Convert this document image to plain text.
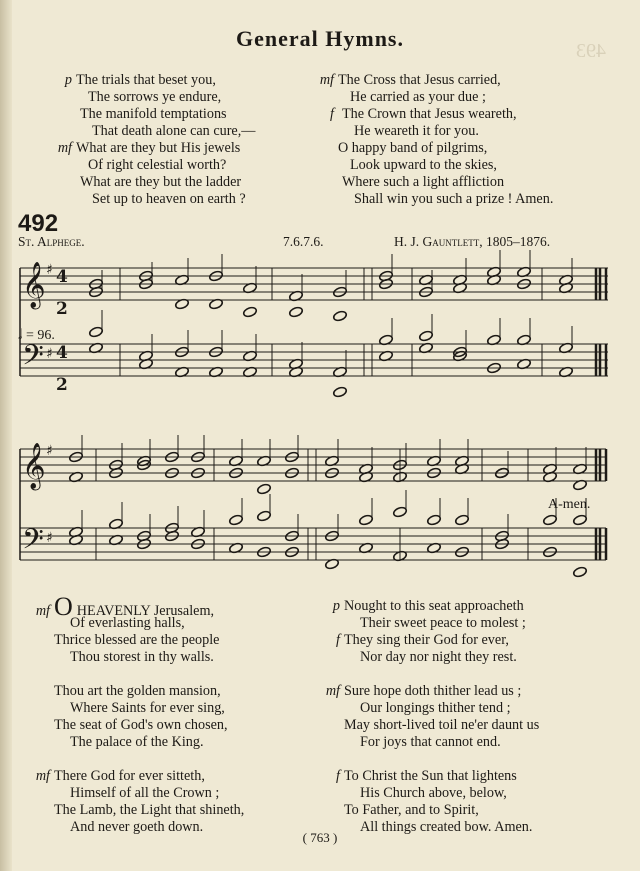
493
General Hymns.
p The trials that beset you,
The sorrows ye endure,
The manifold temptations
That death alone can cure,—
mf What are they but His jewels
Of right celestial worth?
What are they but the ladder
Set up to heaven on earth ?
mf The Cross that Jesus carried,
He carried as your due ;
f The Crown that Jesus weareth,
He weareth it for you.
O happy band of pilgrims,
Look upward to the skies,
Where such a light affliction
Shall win you such a prize ! Amen.
492
St. Alphege.	7.6.7.6.	H. J. Gauntlett, 1805–1876.
𝄞
𝄢
♯
♯
𝄞
𝄢
♯
♯
4
2
4
2
𝅗𝅥 = 96.
A-men.
mf O HEAVENLY Jerusalem,
Of everlasting halls,
Thrice blessed are the people
Thou storest in thy walls.
Thou art the golden mansion,
Where Saints for ever sing,
The seat of God's own chosen,
The palace of the King.
mf There God for ever sitteth,
Himself of all the Crown ;
The Lamb, the Light that shineth,
And never goeth down.
p Nought to this seat approacheth
Their sweet peace to molest ;
f They sing their God for ever,
Nor day nor night they rest.
mf Sure hope doth thither lead us ;
Our longings thither tend ;
May short-lived toil ne'er daunt us
For joys that cannot end.
f To Christ the Sun that lightens
His Church above, below,
To Father, and to Spirit,
All things created bow. Amen.
( 763 )
